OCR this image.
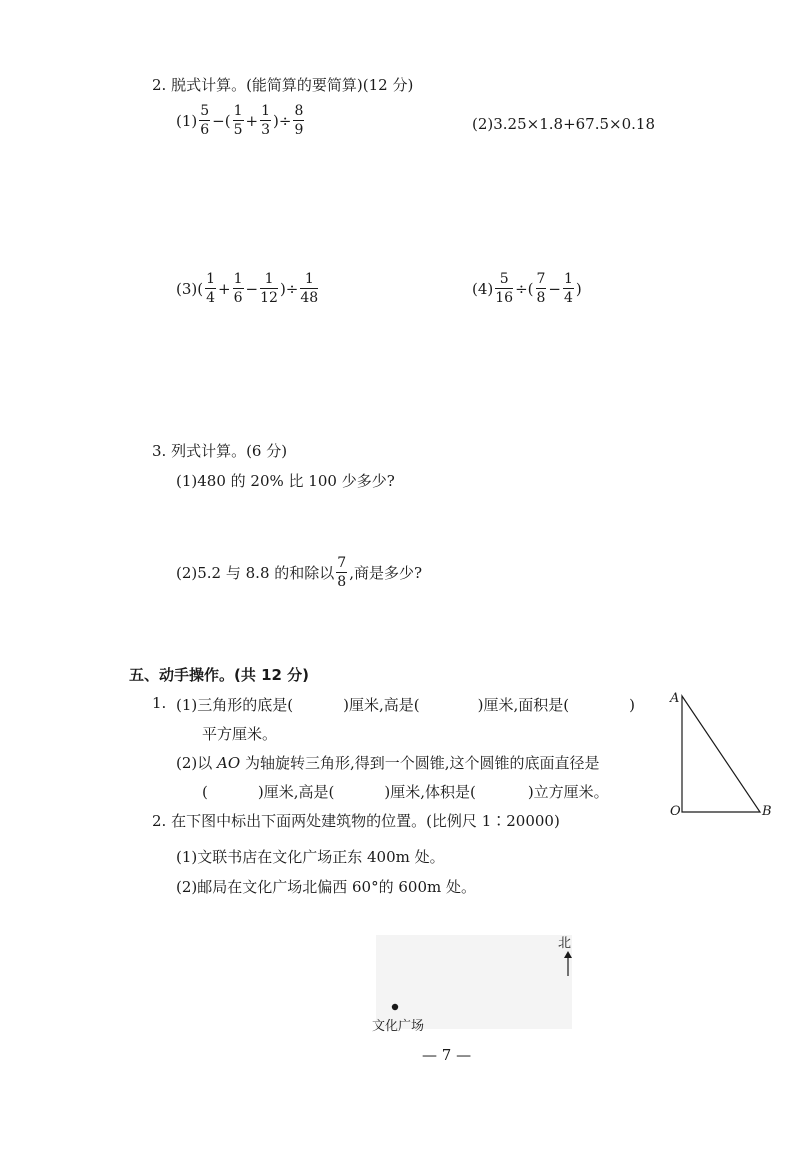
2. 脱式计算。(能简算的要简算)(12 分)
$(1) \frac{5}{6}$ −( $\frac{1}{5} + \frac{1}{3}$ )÷ $\frac{8}{9}$	(2)3.25×1.8+67.5×0.18
$(3)( \frac{1}{4} + \frac{1}{6} - \frac{1}{12}$ )÷ $\frac{1}{48}$	$(4) \frac{5}{16}$ ÷( $\frac{7}{8} - \frac{1}{4}$ )
3. 列式计算。(6 分)
(1)480 的 20% 比 100 少多少?
(2)5.2 与 8.8 的和除以 $\frac{7}{8}$ ,商是多少?
五、动手操作。(共 12 分)
1. (1)三角形的底是(	)厘米,高是(	)厘米,面积是(	)
平方厘米。
(2)以 AO 为轴旋转三角形,得到一个圆锥,这个圆锥的底面直径是
(	)厘米,高是(	)厘米,体积是(	)立方厘米。
A
O	B
2. 在下图中标出下面两处建筑物的位置。(比例尺 1∶20000)
(1)文联书店在文化广场正东 400m 处。
(2)邮局在文化广场北偏西 60°的 600m 处。
北
文化广场
— 7 —
